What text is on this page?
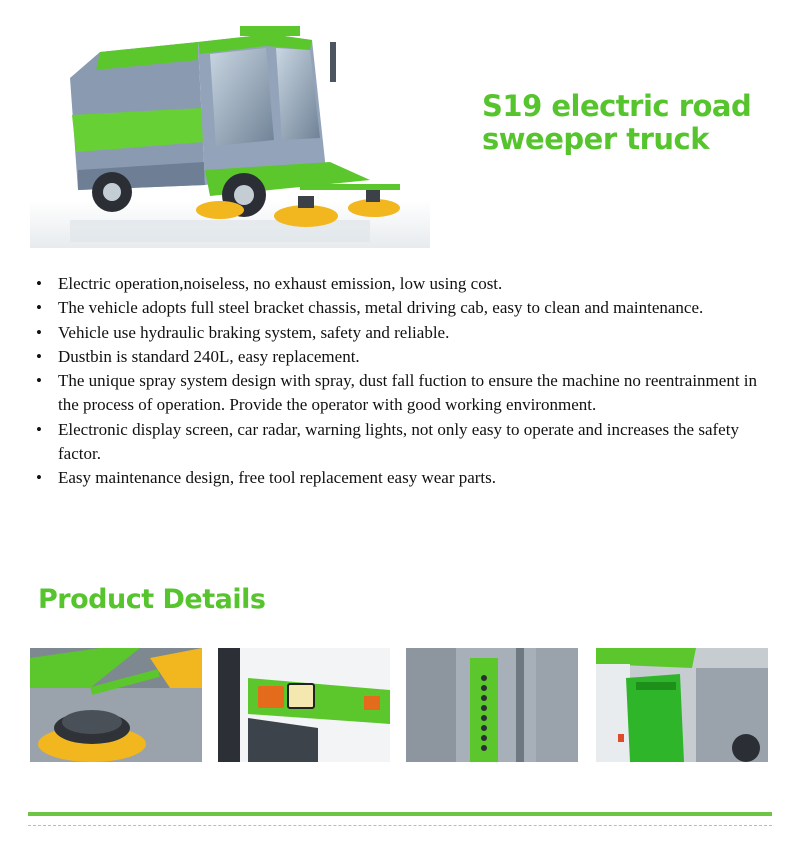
S19 electric road sweeper truck
• Electric operation,noiseless, no exhaust emission, low using cost.
• The vehicle adopts full steel bracket chassis, metal driving cab, easy to clean and maintenance.
• Vehicle use hydraulic braking system, safety and reliable.
• Dustbin is standard 240L, easy replacement.
• The unique spray system design with spray, dust fall fuction to ensure the machine no reentrainment in the process of operation. Provide the operator with good working environment.
• Electronic display screen, car radar, warning lights, not only easy to operate and increases the safety factor.
• Easy maintenance design, free tool replacement easy wear parts.
Product Details
